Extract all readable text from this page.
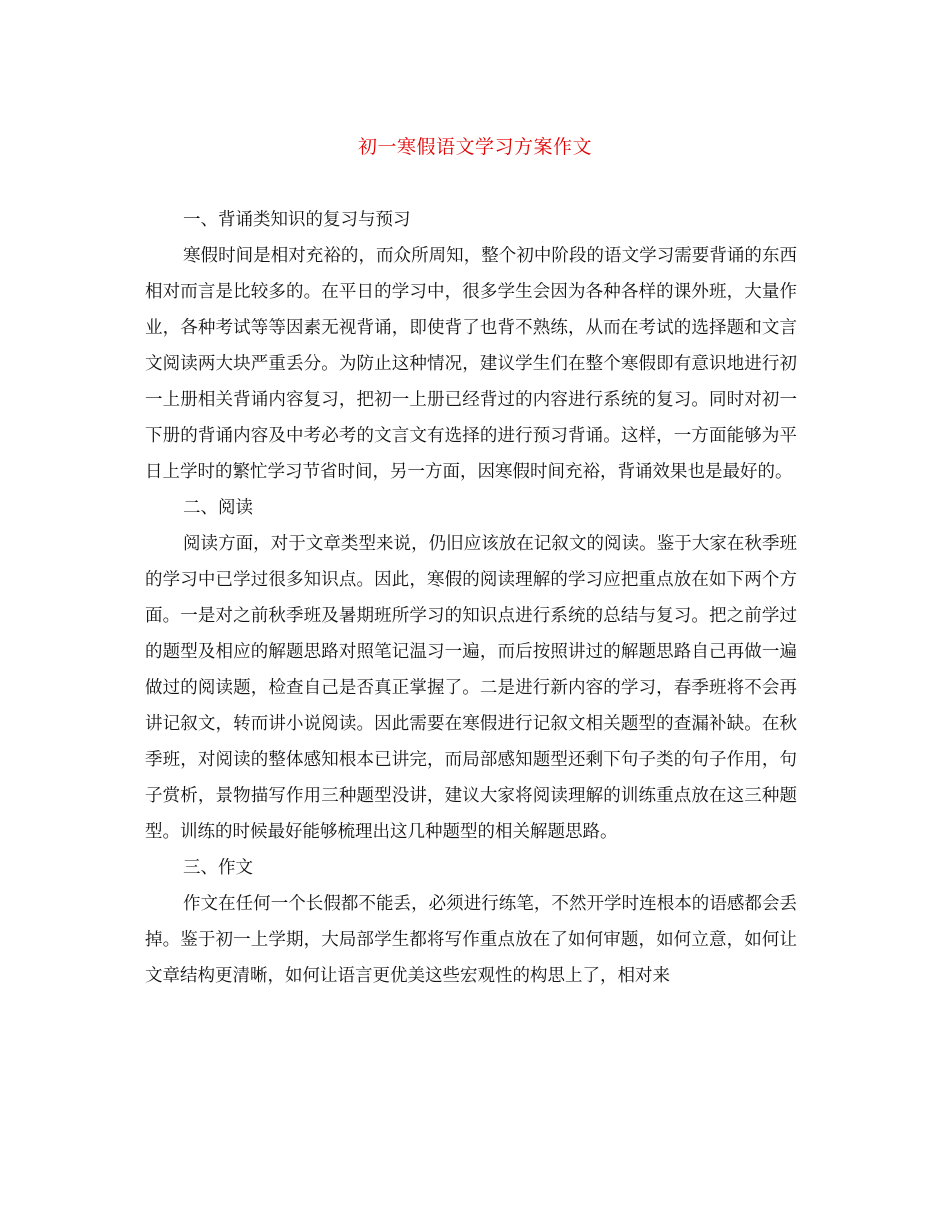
初一寒假语文学习方案作文

一、背诵类知识的复习与预习

寒假时间是相对充裕的，而众所周知，整个初中阶段的语文学习需要背诵的东西相对而言是比较多的。在平日的学习中，很多学生会因为各种各样的课外班，大量作业，各种考试等等因素无视背诵，即使背了也背不熟练，从而在考试的选择题和文言文阅读两大块严重丢分。为防止这种情况，建议学生们在整个寒假即有意识地进行初一上册相关背诵内容复习，把初一上册已经背过的内容进行系统的复习。同时对初一下册的背诵内容及中考必考的文言文有选择的进行预习背诵。这样，一方面能够为平日上学时的繁忙学习节省时间，另一方面，因寒假时间充裕，背诵效果也是最好的。

二、阅读

阅读方面，对于文章类型来说，仍旧应该放在记叙文的阅读。鉴于大家在秋季班的学习中已学过很多知识点。因此，寒假的阅读理解的学习应把重点放在如下两个方面。一是对之前秋季班及暑期班所学习的知识点进行系统的总结与复习。把之前学过的题型及相应的解题思路对照笔记温习一遍，而后按照讲过的解题思路自己再做一遍做过的阅读题，检查自己是否真正掌握了。二是进行新内容的学习，春季班将不会再讲记叙文，转而讲小说阅读。因此需要在寒假进行记叙文相关题型的查漏补缺。在秋季班，对阅读的整体感知根本已讲完，而局部感知题型还剩下句子类的句子作用，句子赏析，景物描写作用三种题型没讲，建议大家将阅读理解的训练重点放在这三种题型。训练的时候最好能够梳理出这几种题型的相关解题思路。

三、作文

作文在任何一个长假都不能丢，必须进行练笔，不然开学时连根本的语感都会丢掉。鉴于初一上学期，大局部学生都将写作重点放在了如何审题，如何立意，如何让文章结构更清晰，如何让语言更优美这些宏观性的构思上了，相对来
